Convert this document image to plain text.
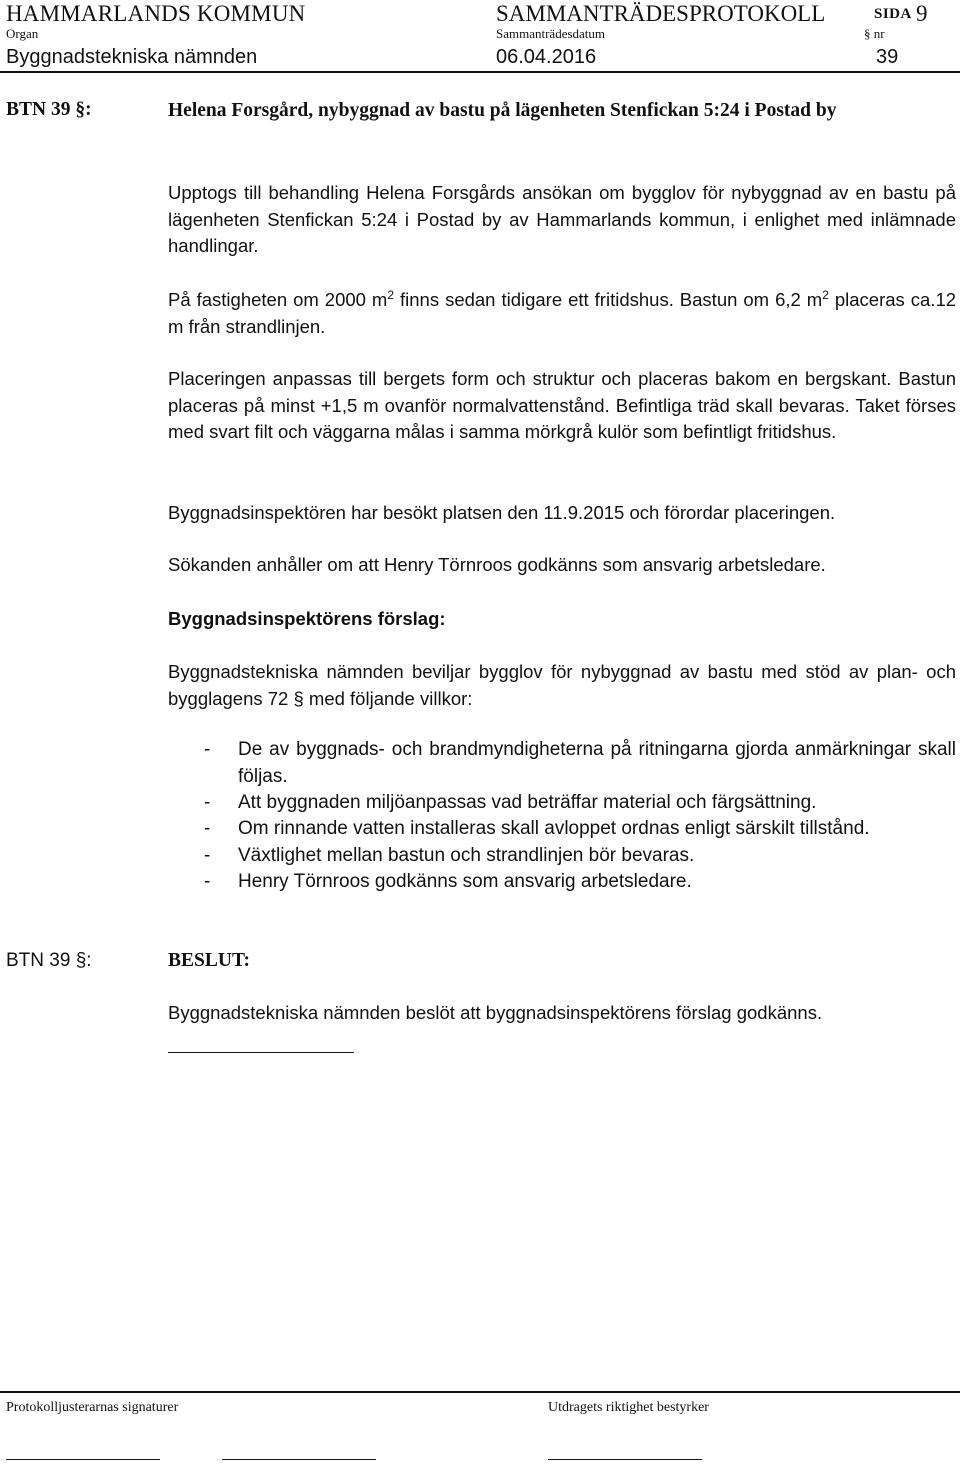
HAMMARLANDS KOMMUN	SAMMANTRÄDESPROTOKOLL	SIDA 9
Organ	Sammanträdesdatum	§ nr
Byggnadstekniska nämnden	06.04.2016	39
BTN 39 §:	Helena Forsgård, nybyggnad av bastu på lägenheten Stenfickan 5:24 i Postad by
Upptogs till behandling Helena Forsgårds ansökan om bygglov för nybyggnad av en bastu på lägenheten Stenfickan 5:24 i Postad by av Hammarlands kommun, i enlighet med inlämnade handlingar.
På fastigheten om 2000 $m^2$ finns sedan tidigare ett fritidshus. Bastun om 6,2 $m^2$ placeras ca.12 m från strandlinjen.
Placeringen anpassas till bergets form och struktur och placeras bakom en bergskant. Bastun placeras på minst +1,5 m ovanför normalvattenstånd. Befintliga träd skall bevaras. Taket förses med svart filt och väggarna målas i samma mörkgrå kulör som befintligt fritidshus.
Byggnadsinspektören har besökt platsen den 11.9.2015 och förordar placeringen.
Sökanden anhåller om att Henry Törnroos godkänns som ansvarig arbetsledare.
Byggnadsinspektörens förslag:
Byggnadstekniska nämnden beviljar bygglov för nybyggnad av bastu med stöd av plan- och bygglagens 72 § med följande villkor:
- De av byggnads- och brandmyndigheterna på ritningarna gjorda anmärkningar skall följas.
- Att byggnaden miljöanpassas vad beträffar material och färgsättning.
- Om rinnande vatten installeras skall avloppet ordnas enligt särskilt tillstånd.
- Växtlighet mellan bastun och strandlinjen bör bevaras.
- Henry Törnroos godkänns som ansvarig arbetsledare.
BTN 39 §:	BESLUT:
Byggnadstekniska nämnden beslöt att byggnadsinspektörens förslag godkänns.
Protokolljusterarnas signaturer	Utdragets riktighet bestyrker
